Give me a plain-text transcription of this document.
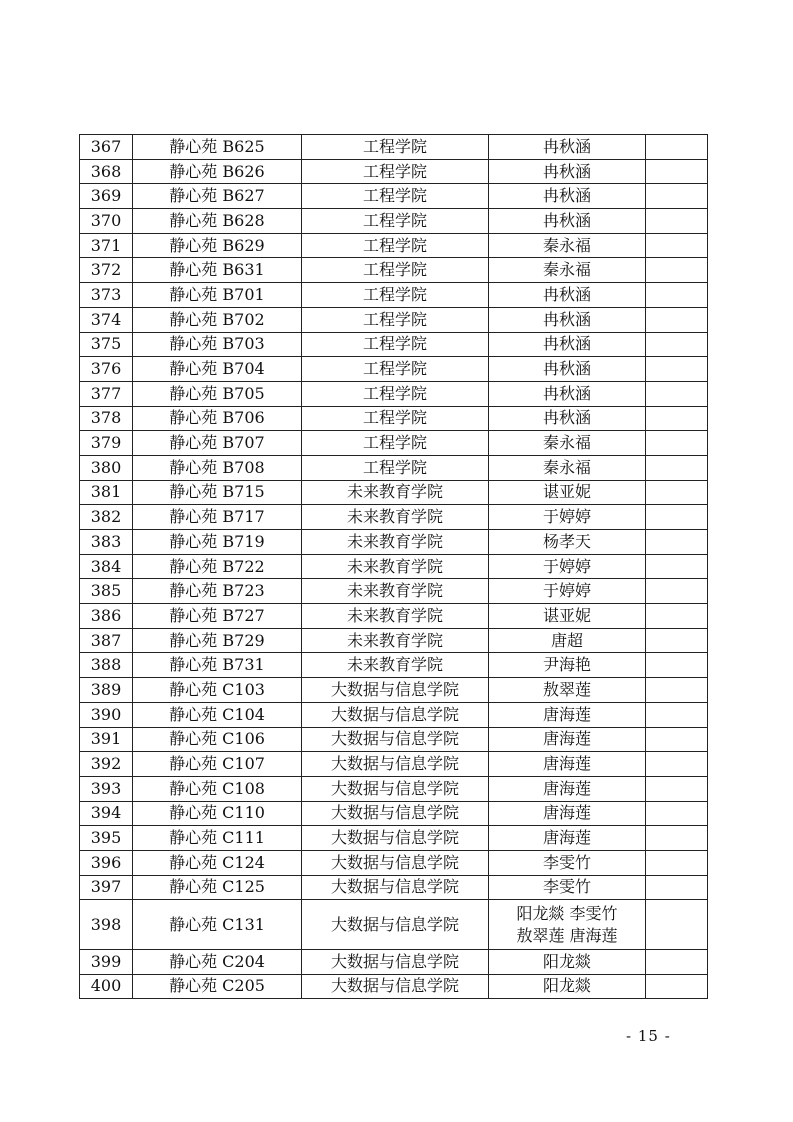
367	静心苑 B625	工程学院	冉秋涵	

368	静心苑 B626	工程学院	冉秋涵	

369	静心苑 B627	工程学院	冉秋涵	

370	静心苑 B628	工程学院	冉秋涵	

371	静心苑 B629	工程学院	秦永福	

372	静心苑 B631	工程学院	秦永福	

373	静心苑 B701	工程学院	冉秋涵	

374	静心苑 B702	工程学院	冉秋涵	

375	静心苑 B703	工程学院	冉秋涵	

376	静心苑 B704	工程学院	冉秋涵	

377	静心苑 B705	工程学院	冉秋涵	

378	静心苑 B706	工程学院	冉秋涵	

379	静心苑 B707	工程学院	秦永福	

380	静心苑 B708	工程学院	秦永福	

381	静心苑 B715	未来教育学院	谌亚妮	

382	静心苑 B717	未来教育学院	于婷婷	

383	静心苑 B719	未来教育学院	杨孝天	

384	静心苑 B722	未来教育学院	于婷婷	

385	静心苑 B723	未来教育学院	于婷婷	

386	静心苑 B727	未来教育学院	谌亚妮	

387	静心苑 B729	未来教育学院	唐超	

388	静心苑 B731	未来教育学院	尹海艳	

389	静心苑 C103	大数据与信息学院	敖翠莲	

390	静心苑 C104	大数据与信息学院	唐海莲	

391	静心苑 C106	大数据与信息学院	唐海莲	

392	静心苑 C107	大数据与信息学院	唐海莲	

393	静心苑 C108	大数据与信息学院	唐海莲	

394	静心苑 C110	大数据与信息学院	唐海莲	

395	静心苑 C111	大数据与信息学院	唐海莲	

396	静心苑 C124	大数据与信息学院	李雯竹	

397	静心苑 C125	大数据与信息学院	李雯竹	

398	静心苑 C131	大数据与信息学院	阳龙燚 李雯竹
敖翠莲 唐海莲	

399	静心苑 C204	大数据与信息学院	阳龙燚	

400	静心苑 C205	大数据与信息学院	阳龙燚	

- 15 -
